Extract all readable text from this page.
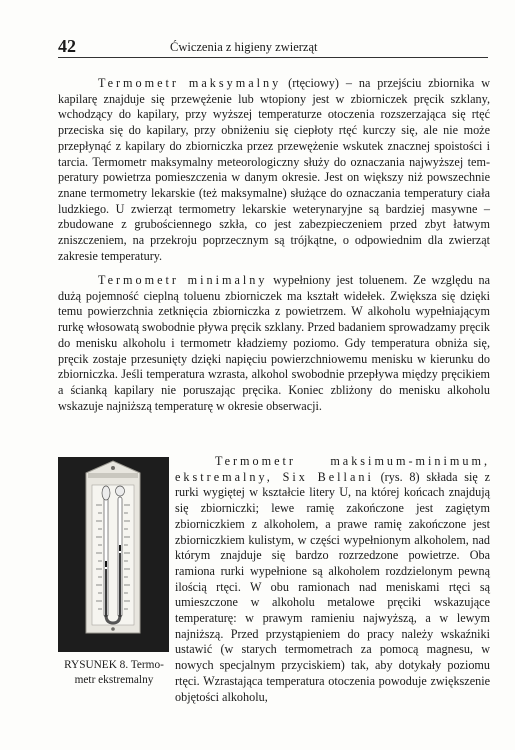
42	Ćwiczenia z higieny zwierząt

Termometr maksymalny (rtęciowy) – na przejściu zbiornika w kapilarę znajduje się przewężenie lub wtopiony jest w zbiorniczek pręcik szklany, wchodzący do kapilary, przy wyższej temperaturze otoczenia rozszerzająca się rtęć przeciska się do kapilary, przy obniżeniu się ciepłoty rtęć kurczy się, ale nie może przepłynąć z kapilary do zbiorniczka przez przewężenie wskutek znacznej spoistości i tarcia. Termometr maksymalny meteorologiczny służy do oznaczania najwyższej temperatury powietrza pomieszczenia w danym okresie. Jest on większy niż powszechnie znane termometry lekarskie (też maksymalne) służące do oznaczania temperatury ciała ludzkiego. U zwierząt termometry lekarskie weterynaryjne są bardziej masywne – zbudowane z grubościennego szkła, co jest zabezpieczeniem przed zbyt łatwym zniszczeniem, na przekroju poprzecznym są trójkątne, o odpowiednim dla zwierząt zakresie temperatury.

Termometr minimalny wypełniony jest toluenem. Ze względu na dużą pojemność cieplną toluenu zbiorniczek ma kształt widełek. Zwiększa się dzięki temu powierzchnia zetknięcia zbiorniczka z powietrzem. W alkoholu wypełniającym rurkę włosowatą swobodnie pływa pręcik szklany. Przed badaniem sprowadzamy pręcik do menisku alkoholu i termometr kładziemy poziomo. Gdy temperatura obniża się, pręcik zostaje przesunięty dzięki napięciu powierzchniowemu menisku w kierunku do zbiorniczka. Jeśli temperatura wzrasta, alkohol swobodnie przepływa między pręcikiem a ścianką kapilary nie poruszając pręcika. Koniec zbliżony do menisku alkoholu wskazuje najniższą temperaturę w okresie obserwacji.

Termometr maksimum-minimum, ekstremalny, Six Bellani (rys. 8) składa się z rurki wygiętej w kształcie litery U, na której końcach znajdują się zbiorniczki; lewe ramię zakończone jest zagiętym zbiorniczkiem z alkoholem, a prawe ramię zakończone jest zbiorniczkiem kulistym, w części wypełnionym alkoholem, nad którym znajduje się bardzo rozrzedzone powietrze. Oba ramiona rurki wypełnione są alkoholem rozdzielonym pewną ilością rtęci. W obu ramionach nad meniskami rtęci są umieszczone w alkoholu metalowe pręciki wskazujące temperaturę: w prawym ramieniu najwyższą, a w lewym najniższą. Przed przystąpieniem do pracy należy wskaźniki ustawić (w starych termometrach za pomocą magnesu, w nowych specjalnym przyciskiem) tak, aby dotykały poziomu rtęci. Wzrastająca temperatura otoczenia powoduje zwiększenie objętości alkoholu,

RYSUNEK 8. Termometr ekstremalny
